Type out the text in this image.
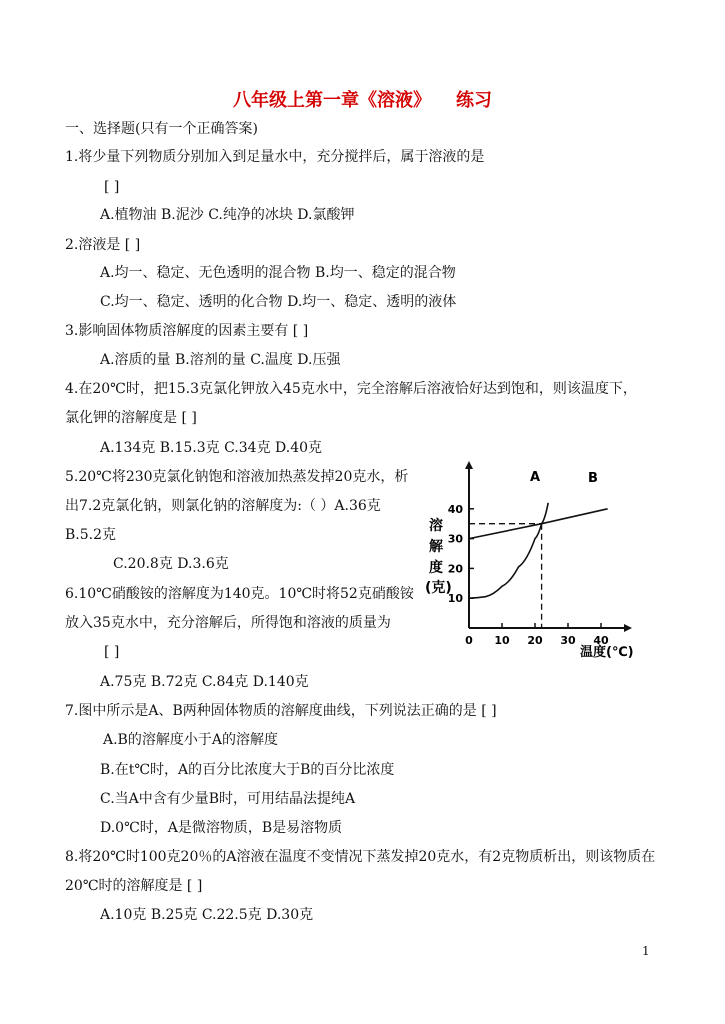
八年级上第一章《溶液》    练习
一、选择题(只有一个正确答案)
1.将少量下列物质分别加入到足量水中，充分搅拌后，属于溶液的是
[ ]
A.植物油 B.泥沙 C.纯净的冰块 D.氯酸钾
2.溶液是 [ ]
A.均一、稳定、无色透明的混合物 B.均一、稳定的混合物
C.均一、稳定、透明的化合物 D.均一、稳定、透明的液体
3.影响固体物质溶解度的因素主要有 [ ]
A.溶质的量 B.溶剂的量 C.温度 D.压强
4.在20℃时，把15.3克氯化钾放入45克水中，完全溶解后溶液恰好达到饱和，则该温度下，
氯化钾的溶解度是 [ ]
A.134克 B.15.3克 C.34克 D.40克
5.20℃将230克氯化钠饱和溶液加热蒸发掉20克水，析
出7.2克氯化钠，则氯化钠的溶解度为:（ ）A.36克
B.5.2克
C.20.8克 D.3.6克
6.10℃硝酸铵的溶解度为140克。10℃时将52克硝酸铵
放入35克水中，充分溶解后，所得饱和溶液的质量为
[ ]
A.75克 B.72克 C.84克 D.140克
7.图中所示是A、B两种固体物质的溶解度曲线，下列说法正确的是 [ ]
A.B的溶解度小于A的溶解度
B.在t℃时，A的百分比浓度大于B的百分比浓度
C.当A中含有少量B时，可用结晶法提纯A
D.0℃时，A是微溶物质，B是易溶物质
8.将20℃时100克20％的A溶液在温度不变情况下蒸发掉20克水，有2克物质析出，则该物质在
20℃时的溶解度是 [ ]
A.10克 B.25克 C.22.5克 D.30克
10
20
30
40
0 10 20 30 40
A	B
溶
解
度
(克)
温度(℃)
1
